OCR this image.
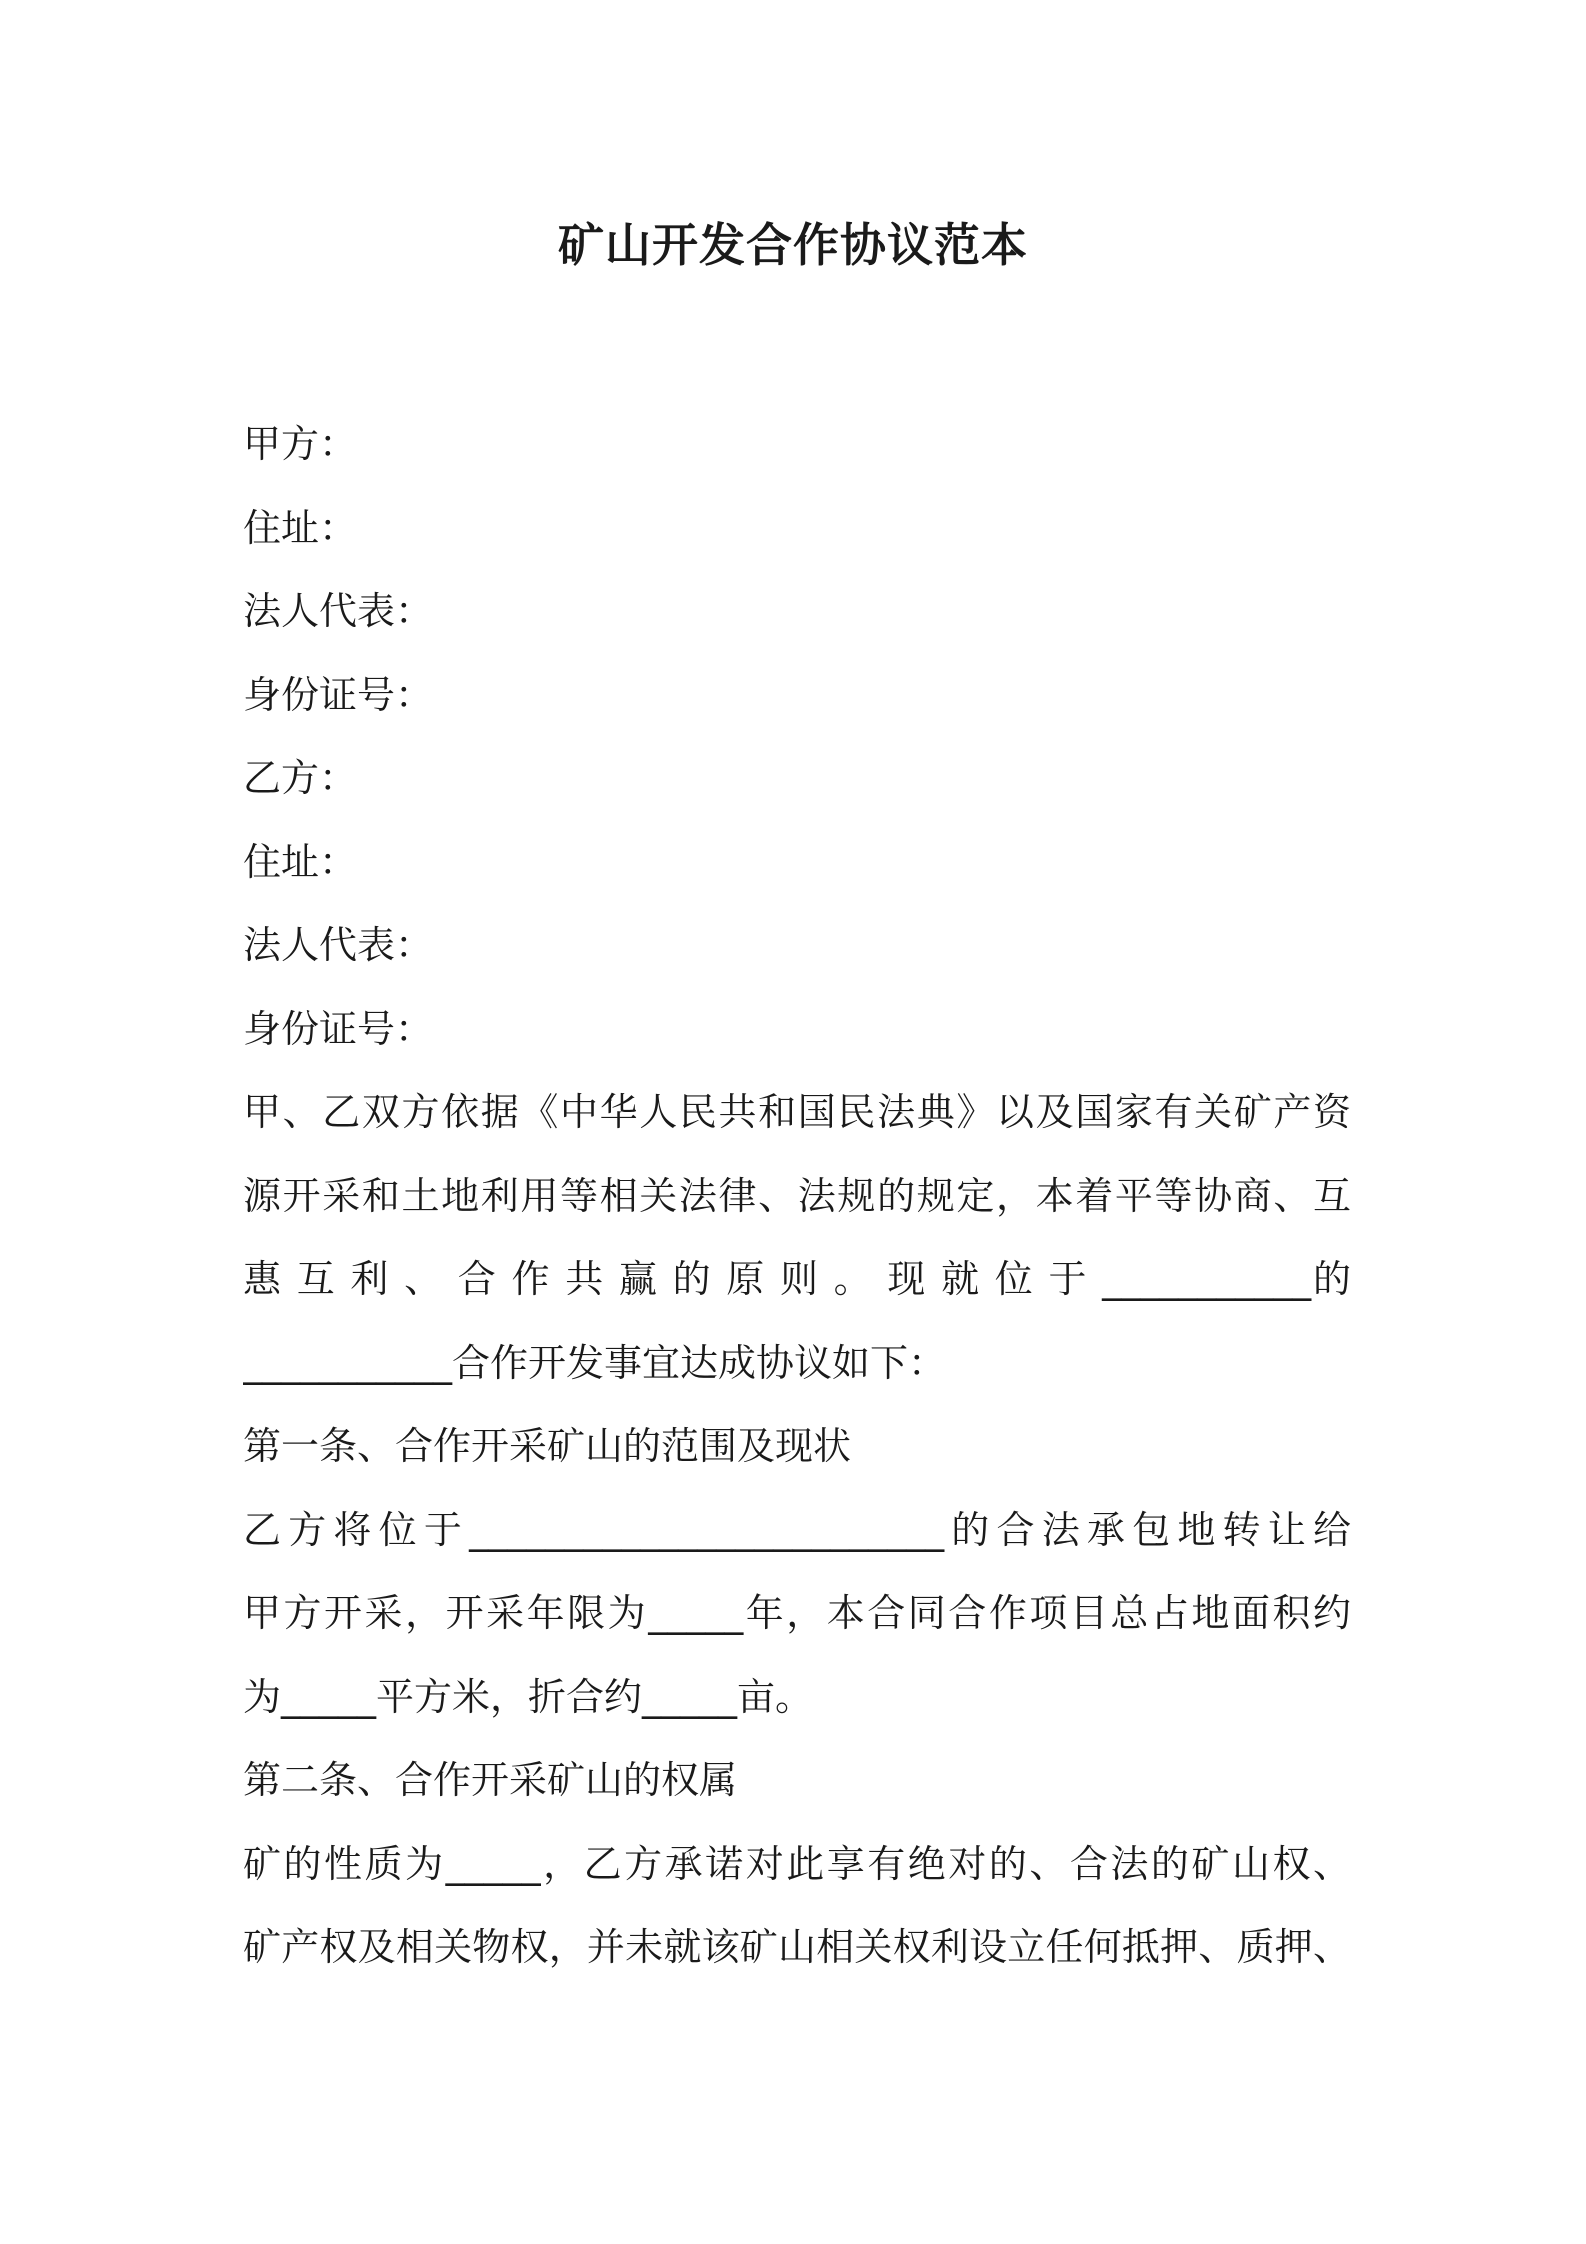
矿山开发合作协议范本
甲方：
住址：
法人代表：
身份证号：
乙方：
住址：
法人代表：
身份证号：
甲、乙双方依据《中华人民共和国民法典》以及国家有关矿产资
源开采和土地利用等相关法律、法规的规定，本着平等协商、互
惠 互 利 、 合 作 共 赢 的 原 则 。 现 就 位 于 ___________的
___________合作开发事宜达成协议如下：
第一条、合作开采矿山的范围及现状
乙方将位于_________________________的合法承包地转让给
甲方开采，开采年限为_____年，本合同合作项目总占地面积约
为_____平方米，折合约_____亩。
第二条、合作开采矿山的权属
矿的性质为_____，乙方承诺对此享有绝对的、合法的矿山权、
矿产权及相关物权，并未就该矿山相关权利设立任何抵押、质押、
